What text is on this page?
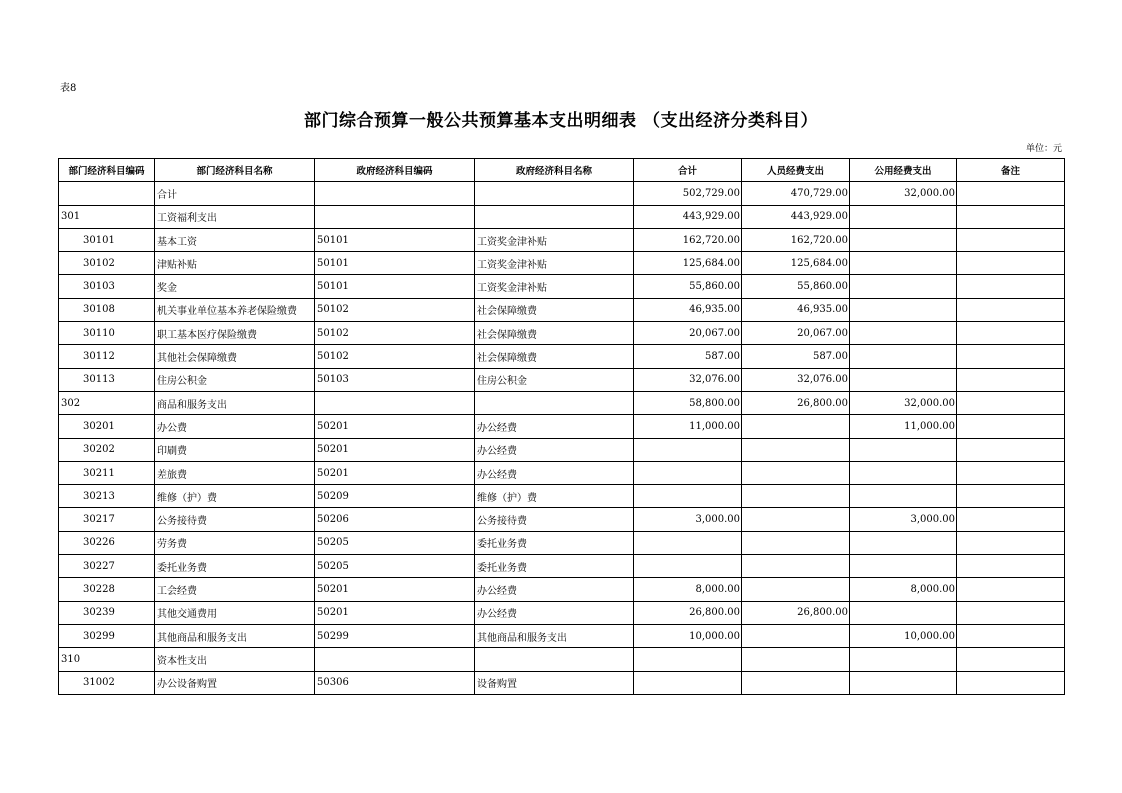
表8
部门综合预算一般公共预算基本支出明细表 （支出经济分类科目）
单位：元
部门经济科目编码	部门经济科目名称	政府经济科目编码	政府经济科目名称	合计	人员经费支出	公用经费支出	备注
	合计			502,729.00	470,729.00	32,000.00	
301	工资福利支出			443,929.00	443,929.00		
30101	基本工资	50101	工资奖金津补贴	162,720.00	162,720.00		
30102	津贴补贴	50101	工资奖金津补贴	125,684.00	125,684.00		
30103	奖金	50101	工资奖金津补贴	55,860.00	55,860.00		
30108	机关事业单位基本养老保险缴费	50102	社会保障缴费	46,935.00	46,935.00		
30110	职工基本医疗保险缴费	50102	社会保障缴费	20,067.00	20,067.00		
30112	其他社会保障缴费	50102	社会保障缴费	587.00	587.00		
30113	住房公积金	50103	住房公积金	32,076.00	32,076.00		
302	商品和服务支出			58,800.00	26,800.00	32,000.00	
30201	办公费	50201	办公经费	11,000.00		11,000.00	
30202	印刷费	50201	办公经费				
30211	差旅费	50201	办公经费				
30213	维修（护）费	50209	维修（护）费				
30217	公务接待费	50206	公务接待费	3,000.00		3,000.00	
30226	劳务费	50205	委托业务费				
30227	委托业务费	50205	委托业务费				
30228	工会经费	50201	办公经费	8,000.00		8,000.00	
30239	其他交通费用	50201	办公经费	26,800.00	26,800.00		
30299	其他商品和服务支出	50299	其他商品和服务支出	10,000.00		10,000.00	
310	资本性支出						
31002	办公设备购置	50306	设备购置				
